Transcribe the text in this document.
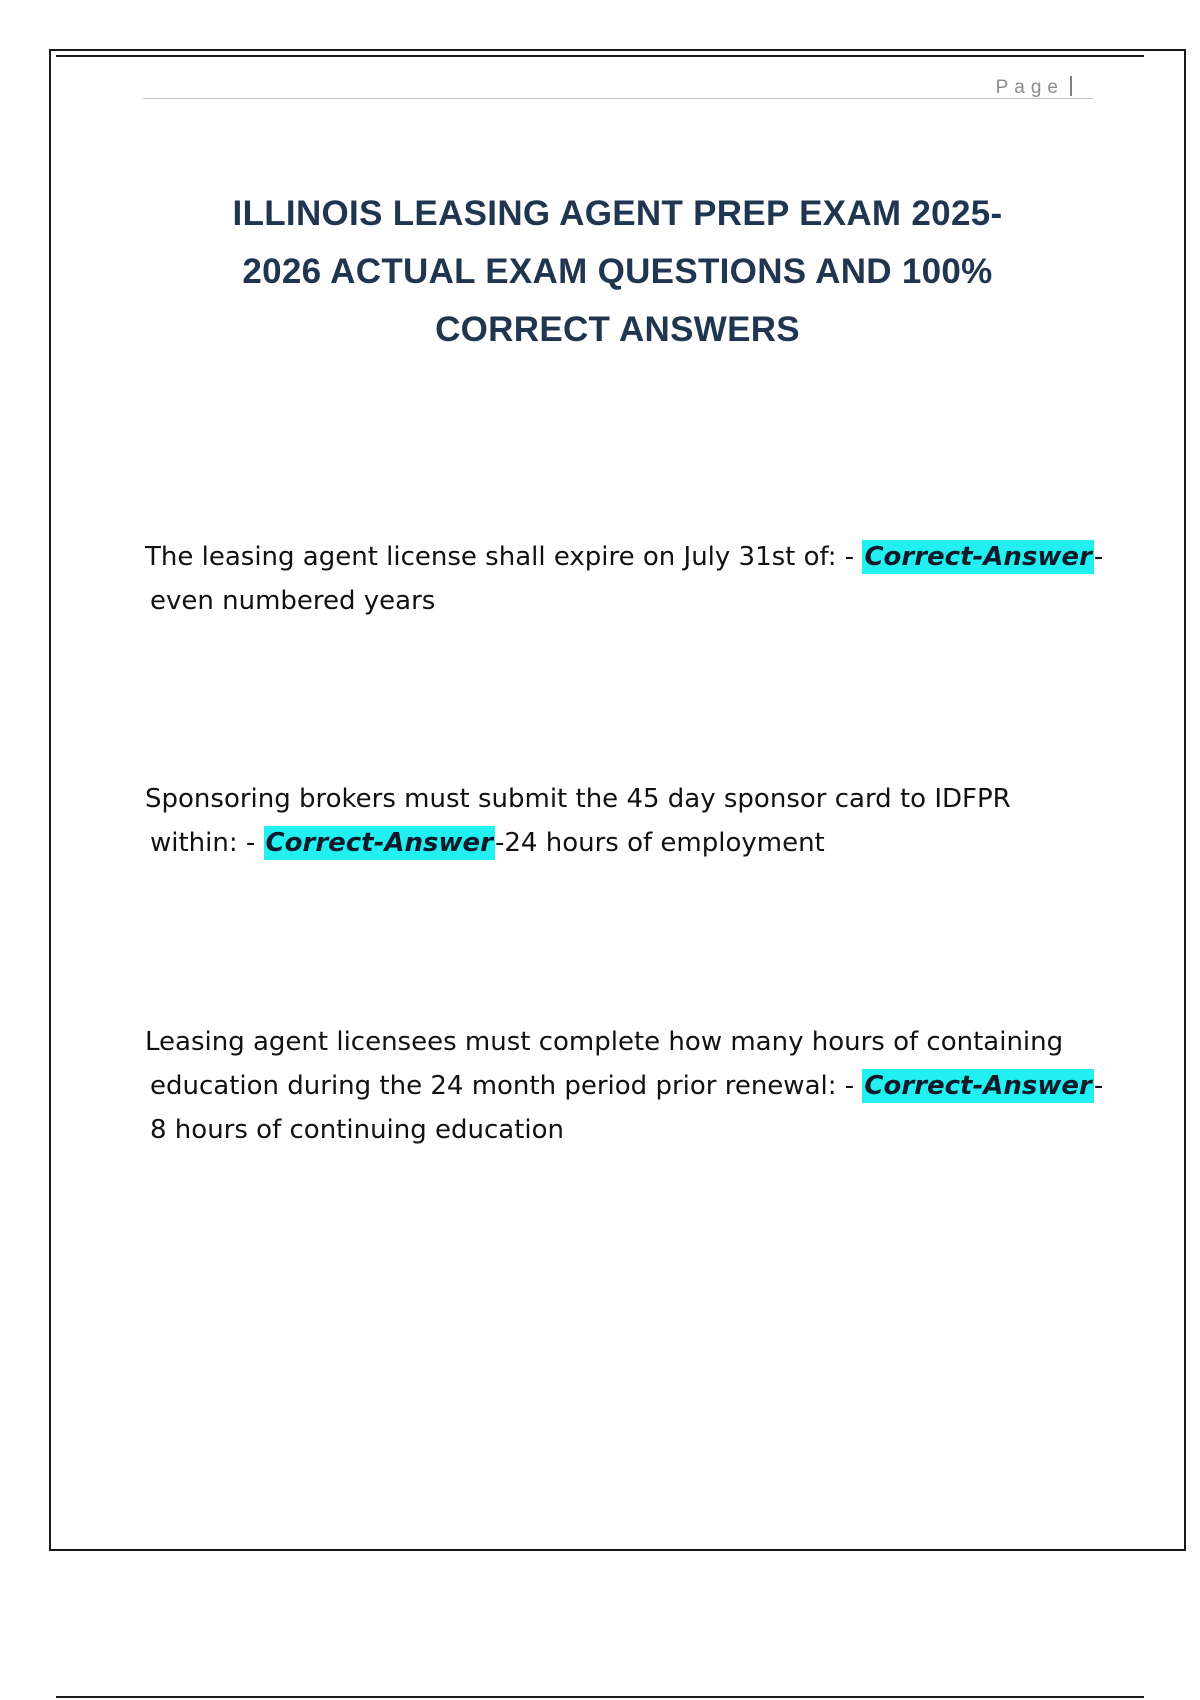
Page
ILLINOIS LEASING AGENT PREP EXAM 2025-
2026 ACTUAL EXAM QUESTIONS AND 100%
CORRECT ANSWERS
The leasing agent license shall expire on July 31st of: - Correct-Answer-
even numbered years
Sponsoring brokers must submit the 45 day sponsor card to IDFPR
within: - Correct-Answer-24 hours of employment
Leasing agent licensees must complete how many hours of containing
education during the 24 month period prior renewal: - Correct-Answer-
8 hours of continuing education
